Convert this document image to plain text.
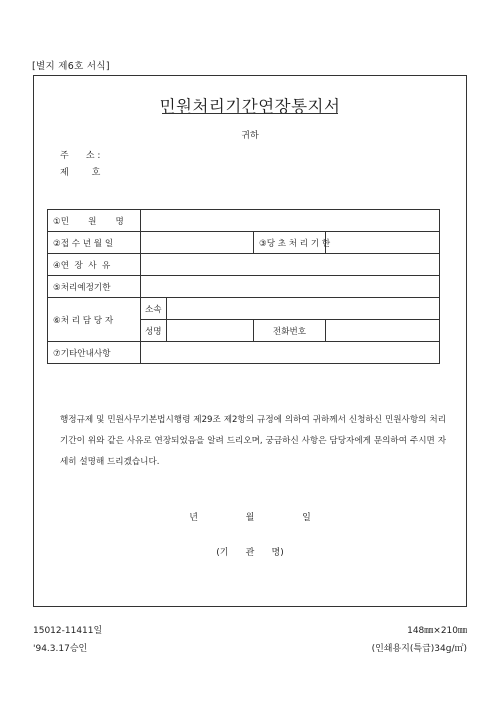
[별지 제6호 서식]
민원처리기간연장통지서
귀하
주      소 :
제        호
①민       원       명				
②접 수 년 월 일			③당 초 처 리 기 한	
④연  장  사  유				
⑤처리예정기한				
⑥처 리 담 당 자	소속			
	성명		전화번호	
⑦기타안내사항				
행정규제 및 민원사무기본법시행령 제29조 제2항의 규정에 의하여 귀하께서 신청하신 민원사항의 처리기간이 위와 같은 사유로 연장되었음을 알려 드리오며, 궁금하신 사항은 담당자에게 문의하여 주시면 자세히 설명해 드리겠습니다.
년	월	일
(기      관      명)
15012-11411일
'94.3.17승인
148㎜×210㎜
(인쇄용지(특급)34g/㎡)
